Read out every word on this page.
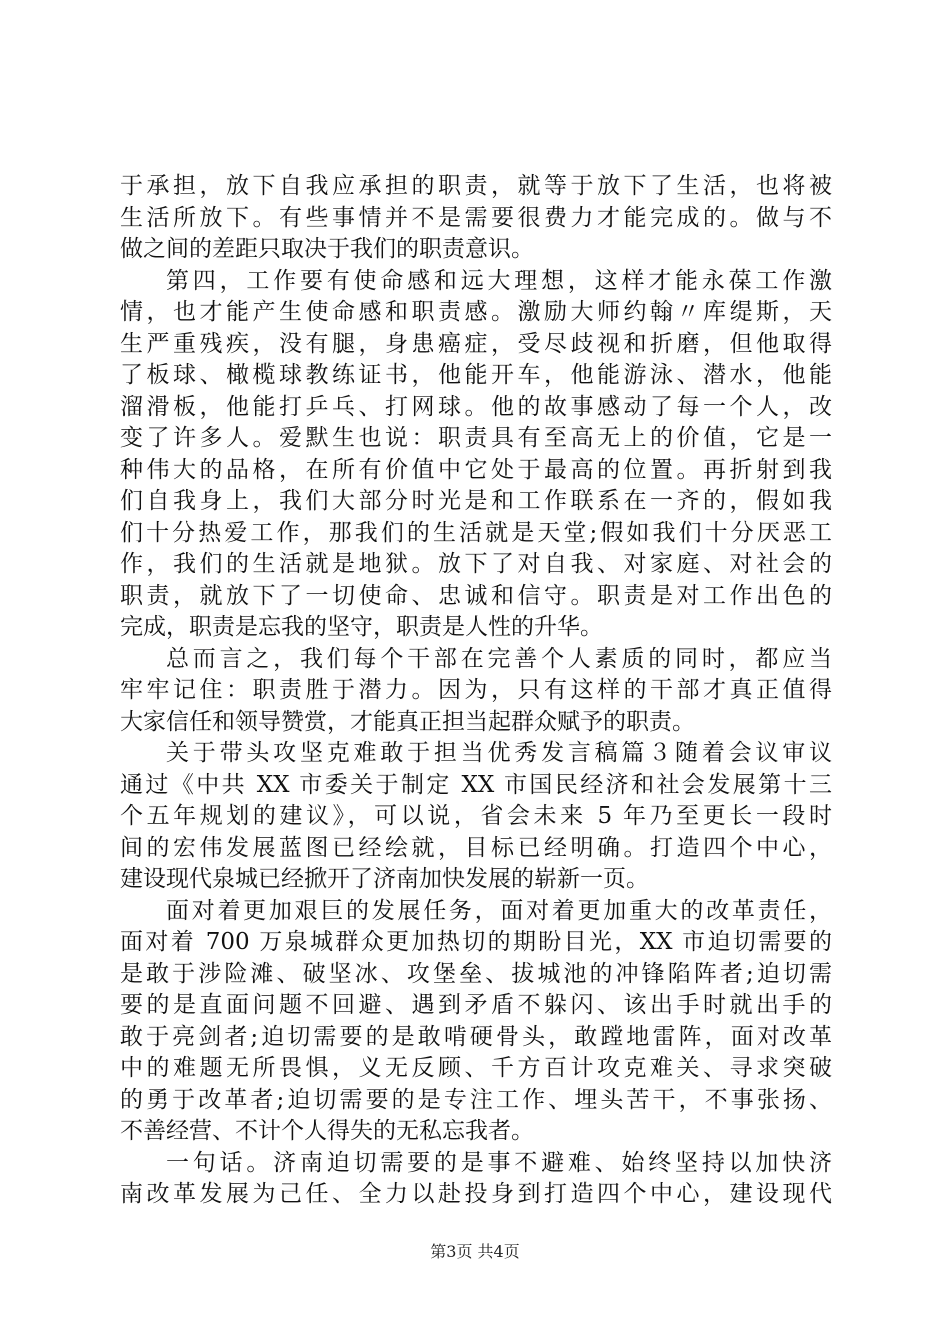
于承担，放下自我应承担的职责，就等于放下了生活，也将被
生活所放下。有些事情并不是需要很费力才能完成的。做与不
做之间的差距只取决于我们的职责意识。
第四，工作要有使命感和远大理想，这样才能永葆工作激
情，也才能产生使命感和职责感。激励大师约翰〃库缇斯，天
生严重残疾，没有腿，身患癌症，受尽歧视和折磨，但他取得
了板球、橄榄球教练证书，他能开车，他能游泳、潜水，他能
溜滑板，他能打乒乓、打网球。他的故事感动了每一个人，改
变了许多人。爱默生也说：职责具有至高无上的价值，它是一
种伟大的品格，在所有价值中它处于最高的位置。再折射到我
们自我身上，我们大部分时光是和工作联系在一齐的，假如我
们十分热爱工作，那我们的生活就是天堂;假如我们十分厌恶工
作，我们的生活就是地狱。放下了对自我、对家庭、对社会的
职责，就放下了一切使命、忠诚和信守。职责是对工作出色的
完成，职责是忘我的坚守，职责是人性的升华。
总而言之，我们每个干部在完善个人素质的同时，都应当
牢牢记住：职责胜于潜力。因为，只有这样的干部才真正值得
大家信任和领导赞赏，才能真正担当起群众赋予的职责。
关于带头攻坚克难敢于担当优秀发言稿篇３随着会议审议
通过《中共 XX 市委关于制定 XX 市国民经济和社会发展第十三
个五年规划的建议》，可以说，省会未来 5 年乃至更长一段时
间的宏伟发展蓝图已经绘就，目标已经明确。打造四个中心，
建设现代泉城已经掀开了济南加快发展的崭新一页。
面对着更加艰巨的发展任务，面对着更加重大的改革责任，
面对着 700 万泉城群众更加热切的期盼目光，XX 市迫切需要的
是敢于涉险滩、破坚冰、攻堡垒、拔城池的冲锋陷阵者;迫切需
要的是直面问题不回避、遇到矛盾不躲闪、该出手时就出手的
敢于亮剑者;迫切需要的是敢啃硬骨头，敢蹚地雷阵，面对改革
中的难题无所畏惧，义无反顾、千方百计攻克难关、寻求突破
的勇于改革者;迫切需要的是专注工作、埋头苦干，不事张扬、
不善经营、不计个人得失的无私忘我者。
一句话。济南迫切需要的是事不避难、始终坚持以加快济
南改革发展为己任、全力以赴投身到打造四个中心，建设现代
第3页 共4页
